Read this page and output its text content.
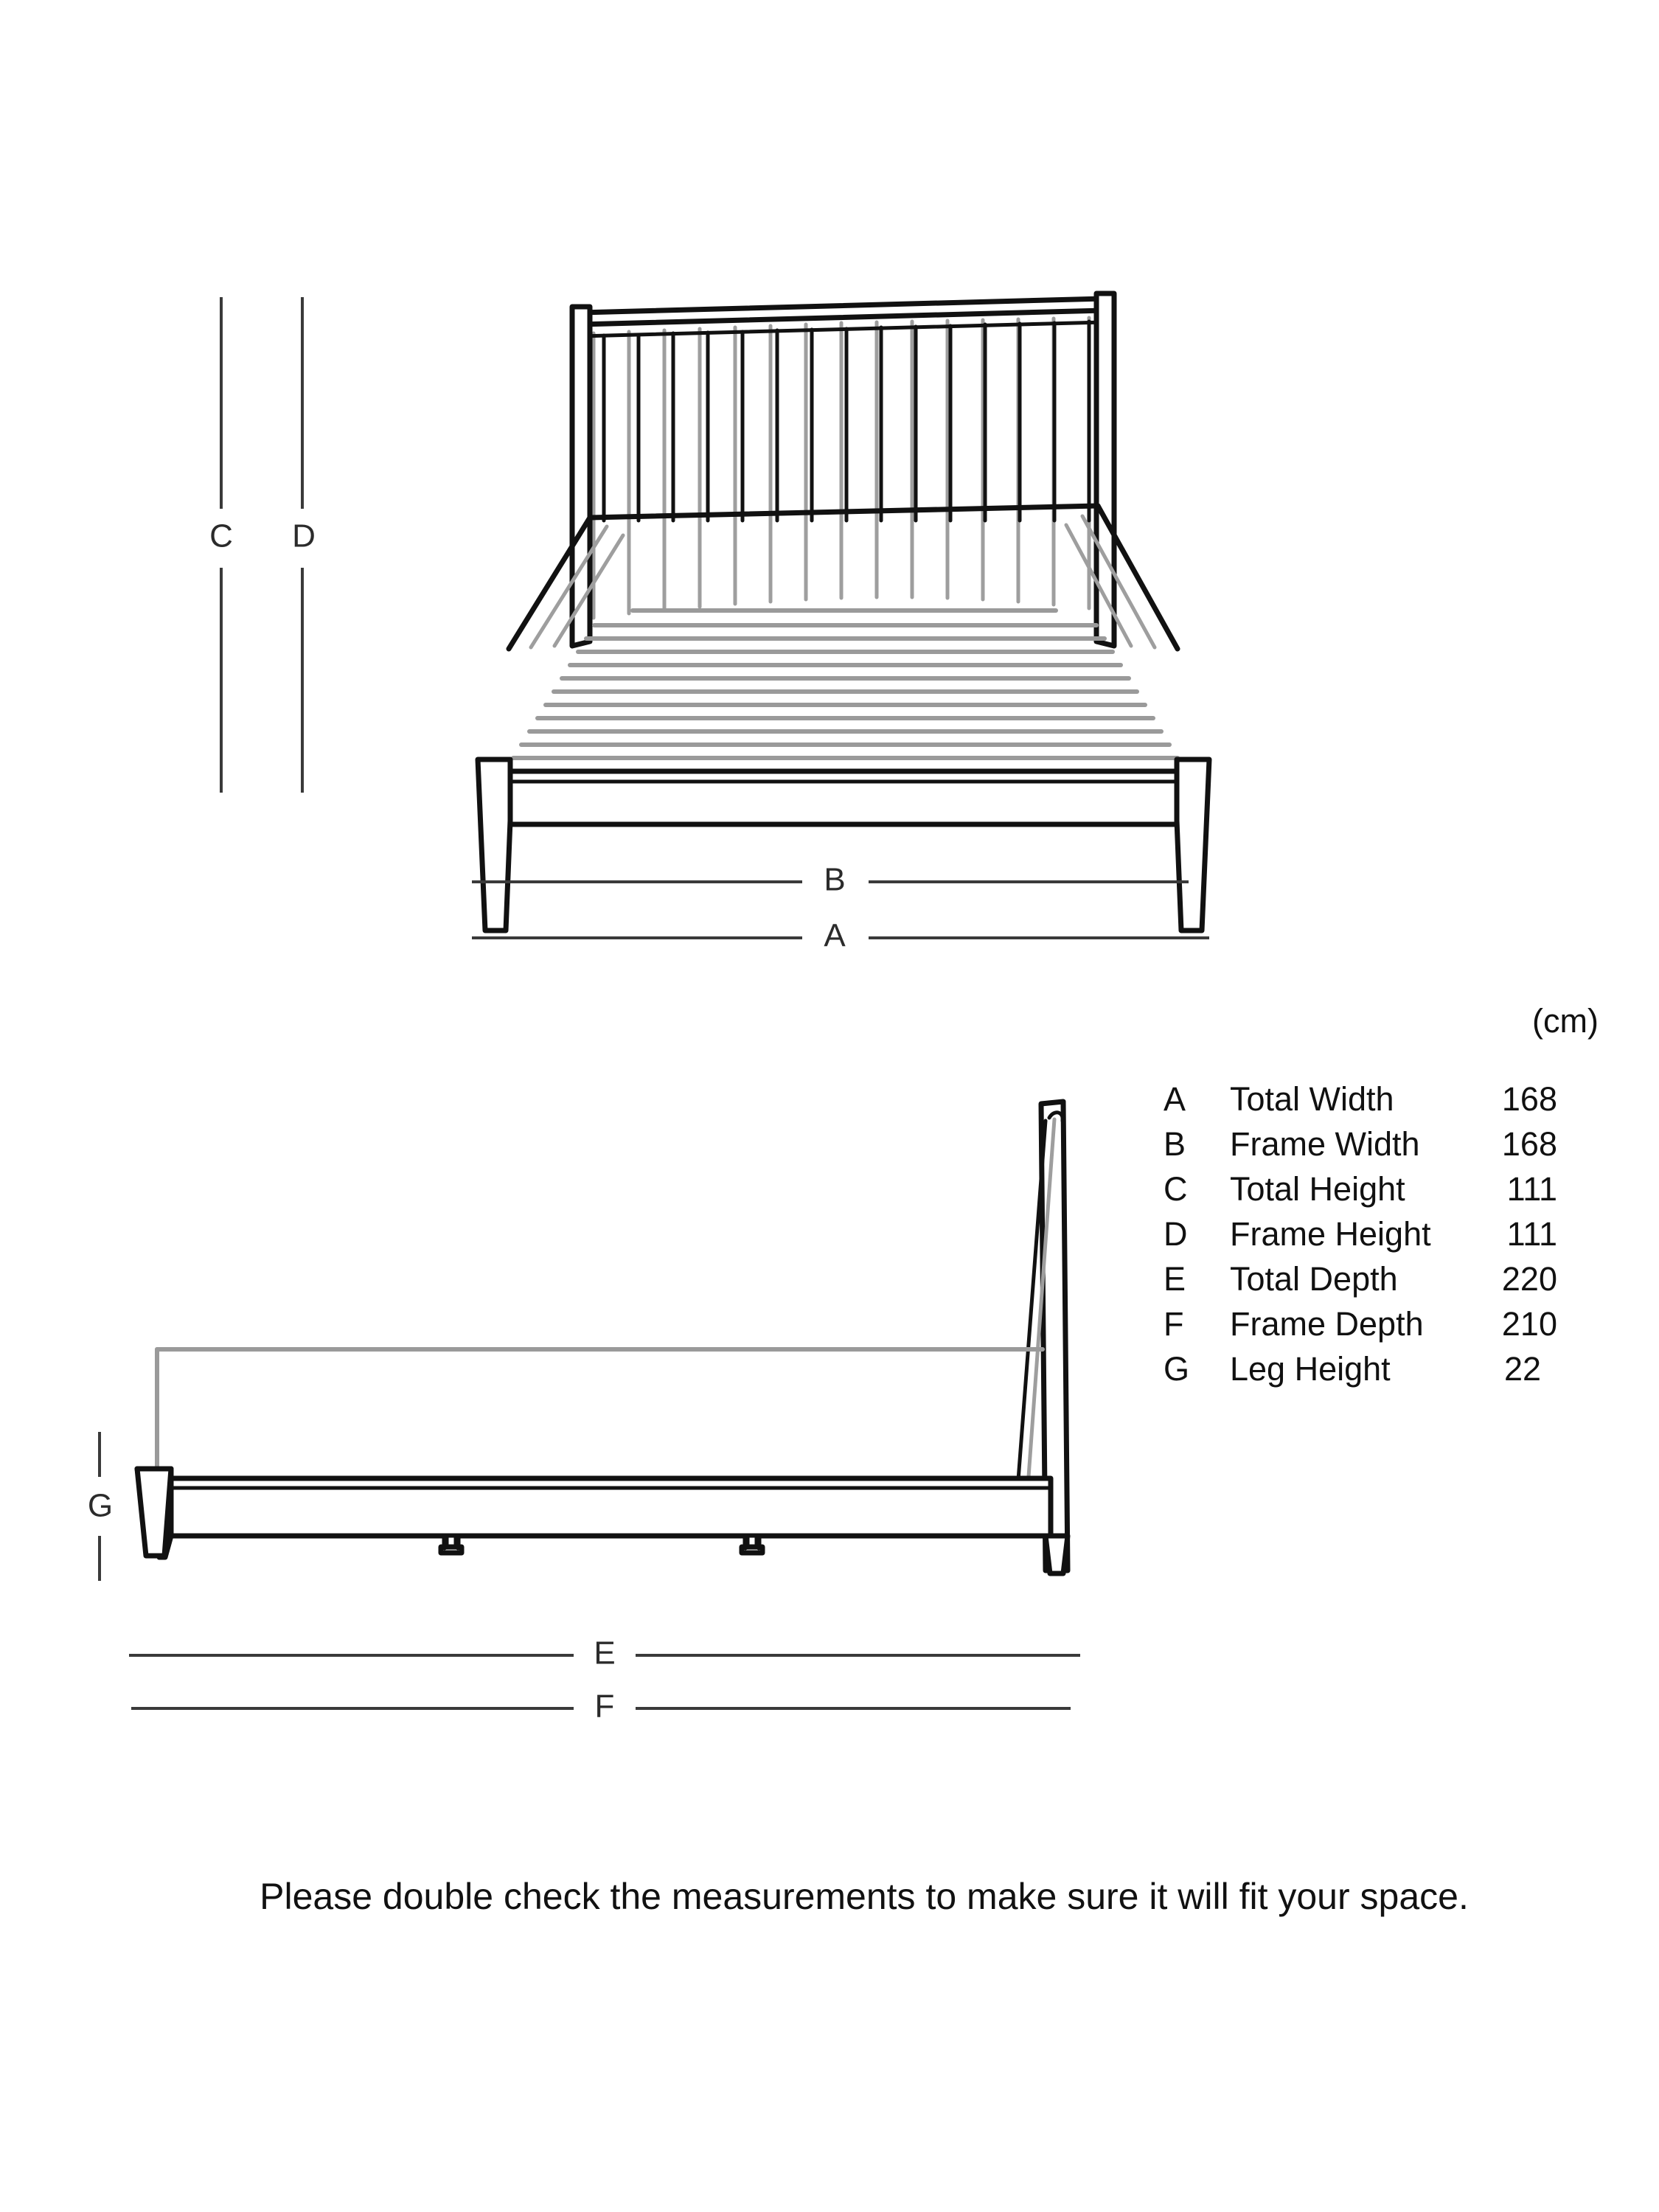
C D
B
A
G
E
F
(cm)
A Total Width	168
B Frame Width 168
C Total Height	111
D Frame Height 111
E Total Depth	220
F Frame Depth 210
G Leg Height	22
Please double check the measurements to make sure it will fit your space.
